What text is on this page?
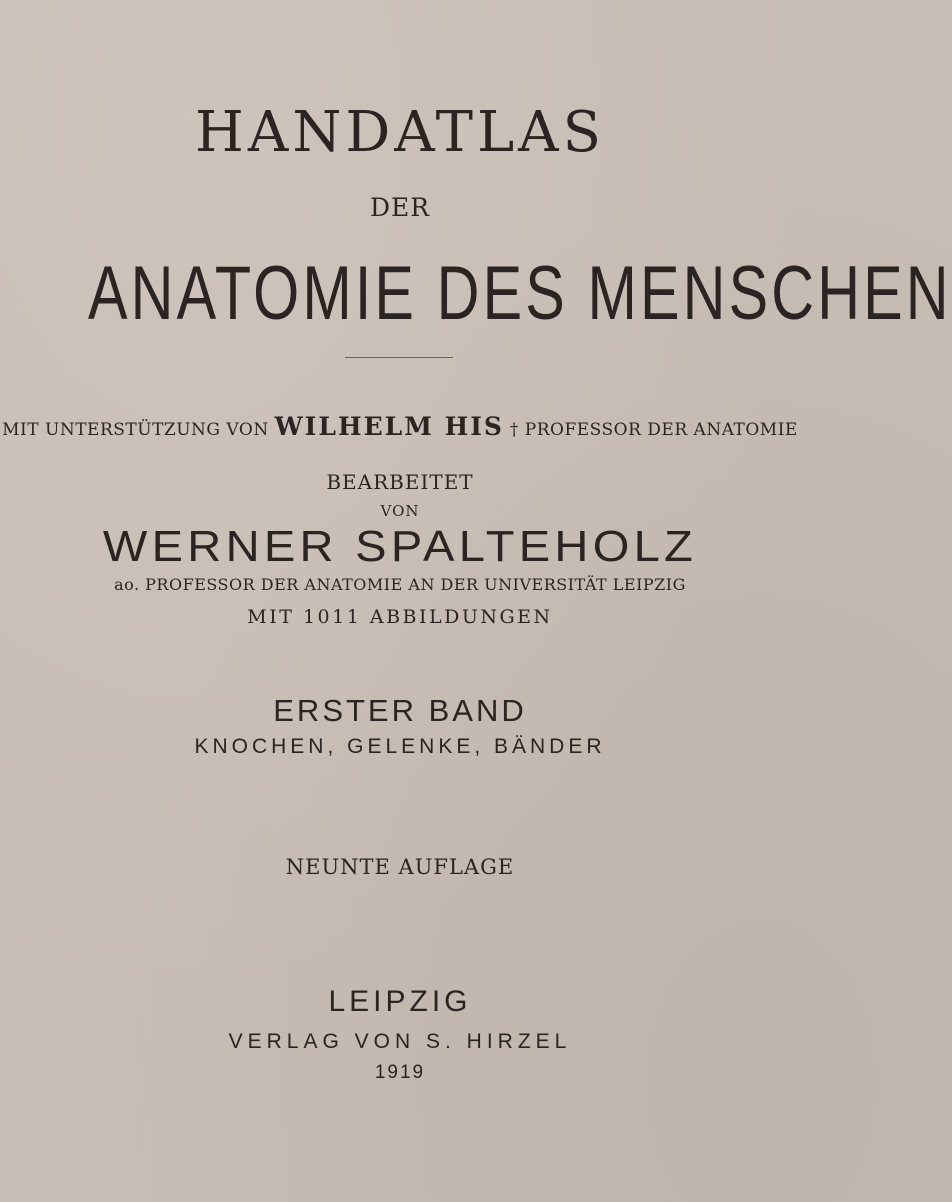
HANDATLAS
DER
ANATOMIE DES MENSCHEN
MIT UNTERSTÜTZUNG VON WILHELM HIS † PROFESSOR DER ANATOMIE
BEARBEITET
VON
WERNER SPALTEHOLZ
ao. PROFESSOR DER ANATOMIE AN DER UNIVERSITÄT LEIPZIG
MIT 1011 ABBILDUNGEN
ERSTER BAND
KNOCHEN, GELENKE, BÄNDER
NEUNTE AUFLAGE
LEIPZIG
VERLAG VON S. HIRZEL
1919
